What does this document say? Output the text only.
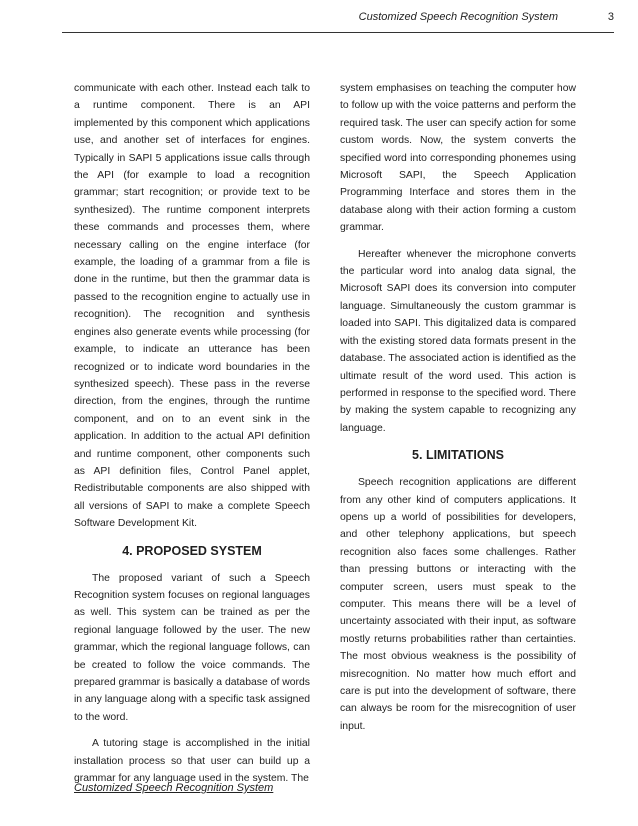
Customized Speech Recognition System	3

communicate with each other. Instead each talk to a runtime component. There is an API implemented by this component which applications use, and another set of interfaces for engines. Typically in SAPI 5 applications issue calls through the API (for example to load a recognition grammar; start recognition; or provide text to be synthesized). The runtime component interprets these commands and processes them, where necessary calling on the engine interface (for example, the loading of a grammar from a file is done in the runtime, but then the grammar data is passed to the recognition engine to actually use in recognition). The recognition and synthesis engines also generate events while processing (for example, to indicate an utterance has been recognized or to indicate word boundaries in the synthesized speech). These pass in the reverse direction, from the engines, through the runtime component, and on to an event sink in the application. In addition to the actual API definition and runtime component, other components such as API definition files, Control Panel applet, Redistributable components are also shipped with all versions of SAPI to make a complete Speech Software Development Kit.

4. PROPOSED SYSTEM

The proposed variant of such a Speech Recognition system focuses on regional languages as well. This system can be trained as per the regional language followed by the user. The new grammar, which the regional language follows, can be created to follow the voice commands. The prepared grammar is basically a database of words in any language along with a specific task assigned to the word.

A tutoring stage is accomplished in the initial installation process so that user can build up a grammar for any language used in the system. The

system emphasises on teaching the computer how to follow up with the voice patterns and perform the required task. The user can specify action for some custom words. Now, the system converts the specified word into corresponding phonemes using Microsoft SAPI, the Speech Application Programming Interface and stores them in the database along with their action forming a custom grammar.

Hereafter whenever the microphone converts the particular word into analog data signal, the Microsoft SAPI does its conversion into computer language. Simultaneously the custom grammar is loaded into SAPI. This digitalized data is compared with the existing stored data formats present in the database. The associated action is identified as the ultimate result of the word used. This action is performed in response to the specified word. There by making the system capable to recognizing any language.

5. LIMITATIONS

Speech recognition applications are different from any other kind of computers applications. It opens up a world of possibilities for developers, and other telephony applications, but speech recognition also faces some challenges. Rather than pressing buttons or interacting with the computer screen, users must speak to the computer. This means there will be a level of uncertainty associated with their input, as software mostly returns probabilities rather than certainties. The most obvious weakness is the possibility of misrecognition. No matter how much effort and care is put into the development of software, there can always be room for the misrecognition of user input.

Customized Speech Recognition System
